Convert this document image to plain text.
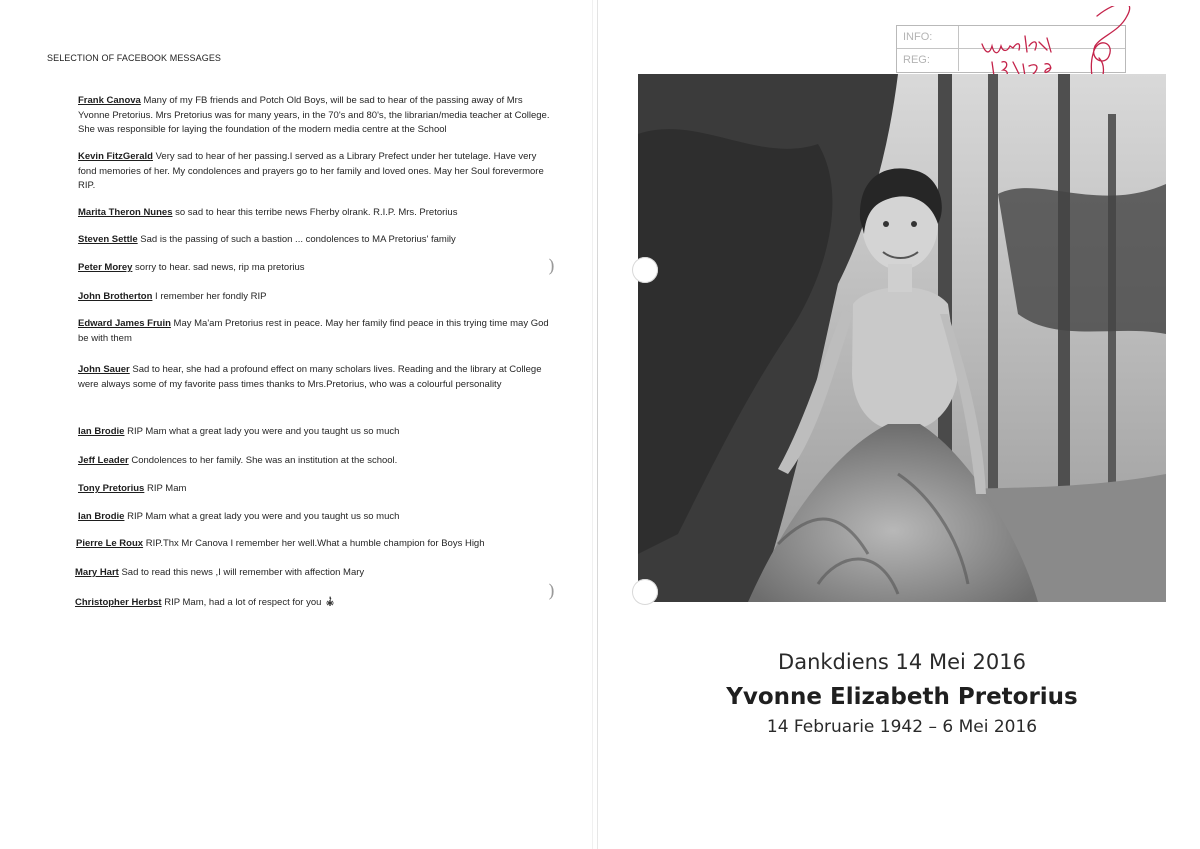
SELECTION OF FACEBOOK MESSAGES
Frank Canova Many of my FB friends and Potch Old Boys, will be sad to hear of the passing away of Mrs Yvonne Pretorius. Mrs Pretorius was for many years, in the 70's and 80's, the librarian/media teacher at College. She was responsible for laying the foundation of the modern media centre at the School
Kevin FitzGerald Very sad to hear of her passing.I served as a Library Prefect under her tutelage. Have very fond memories of her. My condolences and prayers go to her family and loved ones. May her Soul forevermore RIP.
Marita Theron Nunes so sad to hear this terribe news Fherby olrank. R.I.P. Mrs. Pretorius
Steven Settle Sad is the passing of such a bastion ... condolences to MA Pretorius' family
Peter Morey sorry to hear. sad news, rip ma pretorius
John Brotherton I remember her fondly RIP
Edward James Fruin May Ma'am Pretorius rest in peace. May her family find peace in this trying time may God be with them
John Sauer Sad to hear, she had a profound effect on many scholars lives. Reading and the library at College were always some of my favorite pass times thanks to Mrs.Pretorius, who was a colourful personality
Ian Brodie RIP Mam what a great lady you were and you taught us so much
Jeff Leader Condolences to her family. She was an institution at the school.
Tony Pretorius RIP Mam
Ian Brodie RIP Mam what a great lady you were and you taught us so much
Pierre Le Roux RIP.Thx Mr Canova I remember her well.What a humble champion for Boys High
Mary Hart Sad to read this news ,I will remember with affection Mary
Christopher Herbst RIP Mam, had a lot of respect for you
)
)
INFO:
REG:
Dankdiens 14 Mei 2016
Yvonne Elizabeth Pretorius
14 Februarie 1942 – 6 Mei 2016
